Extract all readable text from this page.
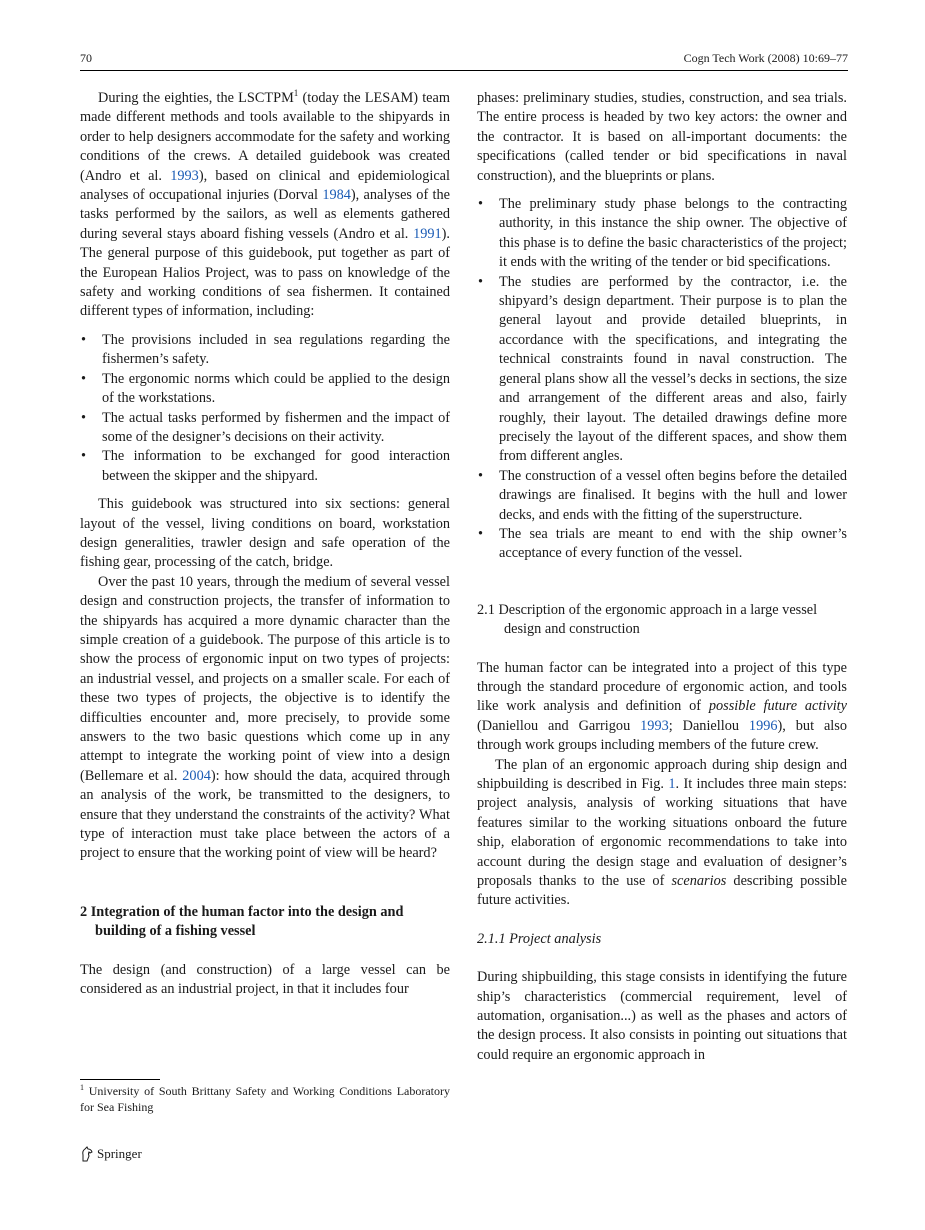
70	Cogn Tech Work (2008) 10:69–77

During the eighties, the LSCTPM$^1$ (today the LESAM) team made different methods and tools available to the shipyards in order to help designers accommodate for the safety and working conditions of the crews. A detailed guidebook was created (Andro et al. 1993), based on clinical and epidemiological analyses of occupational injuries (Dorval 1984), analyses of the tasks performed by the sailors, as well as elements gathered during several stays aboard fishing vessels (Andro et al. 1991). The general purpose of this guidebook, put together as part of the European Halios Project, was to pass on knowledge of the safety and working conditions of sea fishermen. It contained different types of information, including:

• The provisions included in sea regulations regarding the fishermen’s safety.
• The ergonomic norms which could be applied to the design of the workstations.
• The actual tasks performed by fishermen and the impact of some of the designer’s decisions on their activity.
• The information to be exchanged for good interaction between the skipper and the shipyard.

This guidebook was structured into six sections: general layout of the vessel, living conditions on board, workstation design generalities, trawler design and safe operation of the fishing gear, processing of the catch, bridge.

Over the past 10 years, through the medium of several vessel design and construction projects, the transfer of information to the shipyards has acquired a more dynamic character than the simple creation of a guidebook. The purpose of this article is to show the process of ergonomic input on two types of projects: an industrial vessel, and projects on a smaller scale. For each of these two types of projects, the objective is to identify the difficulties encounter and, more precisely, to provide some answers to the two basic questions which come up in any attempt to integrate the working point of view into a design (Bellemare et al. 2004): how should the data, acquired through an analysis of the work, be transmitted to the designers, to ensure that they understand the constraints of the activity? What type of interaction must take place between the actors of a project to ensure that the working point of view will be heard?

2 Integration of the human factor into the design and building of a fishing vessel

The design (and construction) of a large vessel can be considered as an industrial project, in that it includes four

phases: preliminary studies, studies, construction, and sea trials. The entire process is headed by two key actors: the owner and the contractor. It is based on all-important documents: the specifications (called tender or bid specifications in naval construction), and the blueprints or plans.

• The preliminary study phase belongs to the contracting authority, in this instance the ship owner. The objective of this phase is to define the basic characteristics of the project; it ends with the writing of the tender or bid specifications.
• The studies are performed by the contractor, i.e. the shipyard’s design department. Their purpose is to plan the general layout and provide detailed blueprints, in accordance with the specifications, and integrating the technical constraints found in naval construction. The general plans show all the vessel’s decks in sections, the size and arrangement of the different areas and also, fairly roughly, their layout. The detailed drawings define more precisely the layout of the different spaces, and show them from different angles.
• The construction of a vessel often begins before the detailed drawings are finalised. It begins with the hull and lower decks, and ends with the fitting of the superstructure.
• The sea trials are meant to end with the ship owner’s acceptance of every function of the vessel.
2.1 Description of the ergonomic approach in a large vessel design and construction

The human factor can be integrated into a project of this type through the standard procedure of ergonomic action, and tools like work analysis and definition of possible future activity (Daniellou and Garrigou 1993; Daniellou 1996), but also through work groups including members of the future crew.

The plan of an ergonomic approach during ship design and shipbuilding is described in Fig. 1. It includes three main steps: project analysis, analysis of working situations that have features similar to the working situations onboard the future ship, elaboration of ergonomic recommendations to take into account during the design stage and evaluation of designer’s proposals thanks to the use of scenarios describing possible future activities.

2.1.1 Project analysis

During shipbuilding, this stage consists in identifying the future ship’s characteristics (commercial requirement, level of automation, organisation...) as well as the phases and actors of the design process. It also consists in pointing out situations that could require an ergonomic approach in

$^1$ University of South Brittany Safety and Working Conditions Laboratory for Sea Fishing
Springer
